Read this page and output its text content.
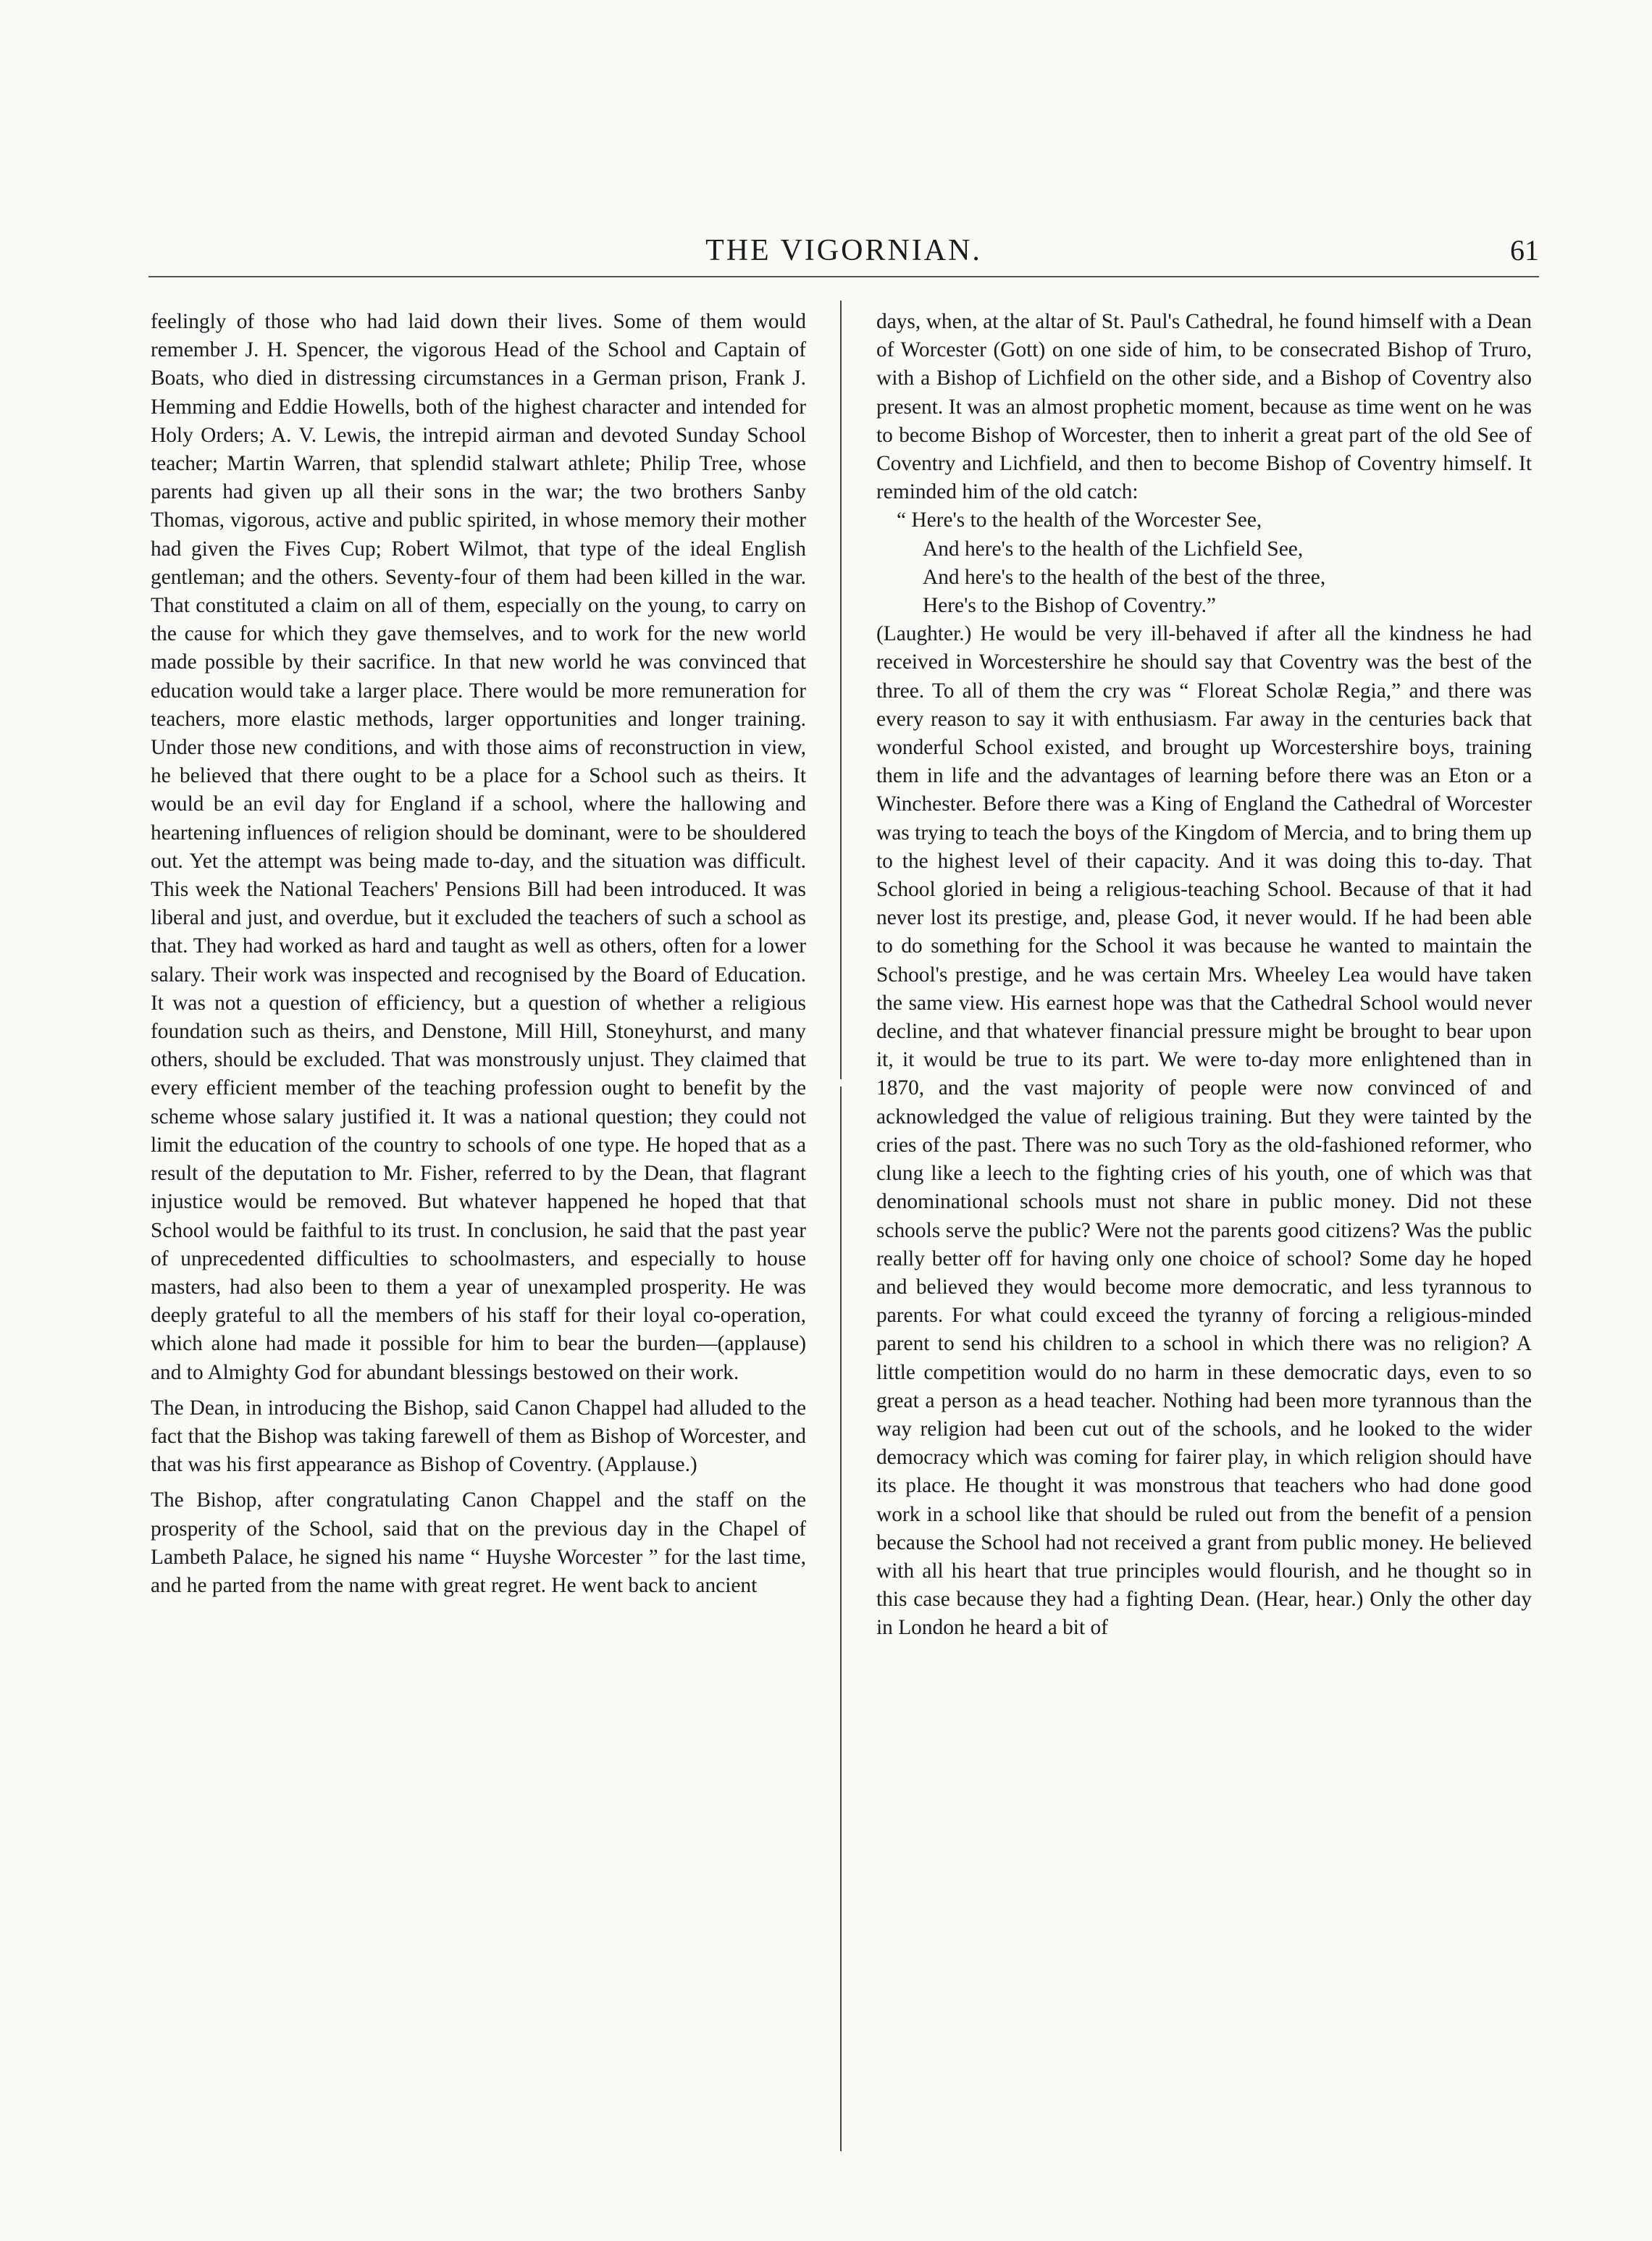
THE VIGORNIAN.	61

feelingly of those who had laid down their lives. Some of them would remember J. H. Spencer, the vigorous Head of the School and Captain of Boats, who died in distressing circumstances in a German prison, Frank J. Hemming and Eddie Howells, both of the highest character and intended for Holy Orders; A. V. Lewis, the intrepid airman and devoted Sunday School teacher; Martin Warren, that splendid stalwart athlete; Philip Tree, whose parents had given up all their sons in the war; the two brothers Sanby Thomas, vigorous, active and public spirited, in whose memory their mother had given the Fives Cup; Robert Wilmot, that type of the ideal English gentleman; and the others. Seventy-four of them had been killed in the war. That constituted a claim on all of them, especially on the young, to carry on the cause for which they gave themselves, and to work for the new world made possible by their sacrifice. In that new world he was convinced that education would take a larger place. There would be more remuneration for teachers, more elastic methods, larger opportunities and longer training. Under those new conditions, and with those aims of reconstruction in view, he believed that there ought to be a place for a School such as theirs. It would be an evil day for England if a school, where the hallowing and heartening influences of religion should be dominant, were to be shouldered out. Yet the attempt was being made to-day, and the situation was difficult. This week the National Teachers' Pensions Bill had been introduced. It was liberal and just, and overdue, but it excluded the teachers of such a school as that. They had worked as hard and taught as well as others, often for a lower salary. Their work was inspected and recognised by the Board of Education. It was not a question of efficiency, but a question of whether a religious foundation such as theirs, and Denstone, Mill Hill, Stoneyhurst, and many others, should be excluded. That was monstrously unjust. They claimed that every efficient member of the teaching profession ought to benefit by the scheme whose salary justified it. It was a national question; they could not limit the education of the country to schools of one type. He hoped that as a result of the deputation to Mr. Fisher, referred to by the Dean, that flagrant injustice would be removed. But whatever happened he hoped that that School would be faithful to its trust. In conclusion, he said that the past year of unprecedented difficulties to schoolmasters, and especially to house masters, had also been to them a year of unexampled prosperity. He was deeply grateful to all the members of his staff for their loyal co-operation, which alone had made it possible for him to bear the burden—(applause) and to Almighty God for abundant blessings bestowed on their work.

The Dean, in introducing the Bishop, said Canon Chappel had alluded to the fact that the Bishop was taking farewell of them as Bishop of Worcester, and that was his first appearance as Bishop of Coventry. (Applause.)

The Bishop, after congratulating Canon Chappel and the staff on the prosperity of the School, said that on the previous day in the Chapel of Lambeth Palace, he signed his name “ Huyshe Worcester ” for the last time, and he parted from the name with great regret. He went back to ancient

days, when, at the altar of St. Paul's Cathedral, he found himself with a Dean of Worcester (Gott) on one side of him, to be consecrated Bishop of Truro, with a Bishop of Lichfield on the other side, and a Bishop of Coventry also present. It was an almost prophetic moment, because as time went on he was to become Bishop of Worcester, then to inherit a great part of the old See of Coventry and Lichfield, and then to become Bishop of Coventry himself. It reminded him of the old catch:

“ Here's to the health of the Worcester See,
And here's to the health of the Lichfield See,
And here's to the health of the best of the three,
Here's to the Bishop of Coventry.”

(Laughter.) He would be very ill-behaved if after all the kindness he had received in Worcestershire he should say that Coventry was the best of the three. To all of them the cry was “ Floreat Scholæ Regia,” and there was every reason to say it with enthusiasm. Far away in the centuries back that wonderful School existed, and brought up Worcestershire boys, training them in life and the advantages of learning before there was an Eton or a Winchester. Before there was a King of England the Cathedral of Worcester was trying to teach the boys of the Kingdom of Mercia, and to bring them up to the highest level of their capacity. And it was doing this to-day. That School gloried in being a religious-teaching School. Because of that it had never lost its prestige, and, please God, it never would. If he had been able to do something for the School it was because he wanted to maintain the School's prestige, and he was certain Mrs. Wheeley Lea would have taken the same view. His earnest hope was that the Cathedral School would never decline, and that whatever financial pressure might be brought to bear upon it, it would be true to its part. We were to-day more enlightened than in 1870, and the vast majority of people were now convinced of and acknowledged the value of religious training. But they were tainted by the cries of the past. There was no such Tory as the old-fashioned reformer, who clung like a leech to the fighting cries of his youth, one of which was that denominational schools must not share in public money. Did not these schools serve the public? Were not the parents good citizens? Was the public really better off for having only one choice of school? Some day he hoped and believed they would become more democratic, and less tyrannous to parents. For what could exceed the tyranny of forcing a religious-minded parent to send his children to a school in which there was no religion? A little competition would do no harm in these democratic days, even to so great a person as a head teacher. Nothing had been more tyrannous than the way religion had been cut out of the schools, and he looked to the wider democracy which was coming for fairer play, in which religion should have its place. He thought it was monstrous that teachers who had done good work in a school like that should be ruled out from the benefit of a pension because the School had not received a grant from public money. He believed with all his heart that true principles would flourish, and he thought so in this case because they had a fighting Dean. (Hear, hear.) Only the other day in London he heard a bit of
